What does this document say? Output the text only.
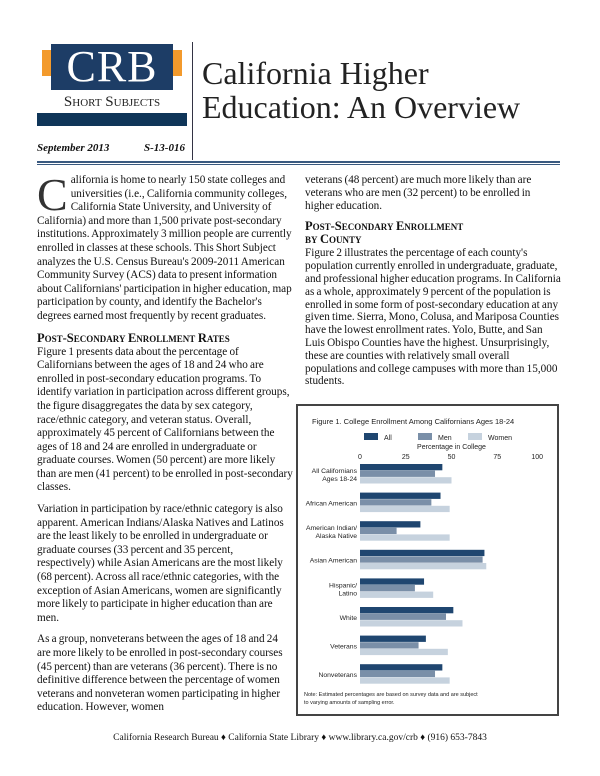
CRB
Short Subjects
California Higher
Education: An Overview
September 2013	S-13-016

California is home to nearly 150 state colleges and universities (i.e., California community colleges, California State University, and University of California) and more than 1,500 private post-secondary institutions. Approximately 3 million people are currently enrolled in classes at these schools. This Short Subject analyzes the U.S. Census Bureau's 2009-2011 American Community Survey (ACS) data to present information about Californians' participation in higher education, map participation by county, and identify the Bachelor's degrees earned most frequently by recent graduates.

Post-Secondary Enrollment Rates

Figure 1 presents data about the percentage of Californians between the ages of 18 and 24 who are enrolled in post-secondary education programs. To identify variation in participation across different groups, the figure disaggregates the data by sex category, race/ethnic category, and veteran status. Overall, approximately 45 percent of Californians between the ages of 18 and 24 are enrolled in undergraduate or graduate courses. Women (50 percent) are more likely than are men (41 percent) to be enrolled in post-secondary classes.

Variation in participation by race/ethnic category is also apparent. American Indians/Alaska Natives and Latinos are the least likely to be enrolled in undergraduate or graduate courses (33 percent and 35 percent, respectively) while Asian Americans are the most likely (68 percent). Across all race/ethnic categories, with the exception of Asian Americans, women are significantly more likely to participate in higher education than are men.

As a group, nonveterans between the ages of 18 and 24 are more likely to be enrolled in post-secondary courses (45 percent) than are veterans (36 percent). There is no definitive difference between the percentage of women veterans and nonveteran women participating in higher education. However, women

veterans (48 percent) are much more likely than are veterans who are men (32 percent) to be enrolled in higher education.

Post-Secondary Enrollment
by County

Figure 2 illustrates the percentage of each county's population currently enrolled in undergraduate, graduate, and professional higher education programs. In California as a whole, approximately 9 percent of the population is enrolled in some form of post-secondary education at any given time. Sierra, Mono, Colusa, and Mariposa Counties have the lowest enrollment rates. Yolo, Butte, and San Luis Obispo Counties have the highest. Unsurprisingly, these are counties with relatively small overall populations and college campuses with more than 15,000 students.

Figure 1. College Enrollment Among Californians Ages 18-24
All	Men	Women
Percentage in College
0	25	50	75	100
All Californians
Ages 18-24
African American
American Indian/
Alaska Native
Asian American
Hispanic/
Latino
White
Veterans
Nonveterans
Note: Estimated percentages are based on survey data and are subject to varying amounts of sampling error.
California Research Bureau ♦ California State Library ♦ www.library.ca.gov/crb ♦ (916) 653-7843
